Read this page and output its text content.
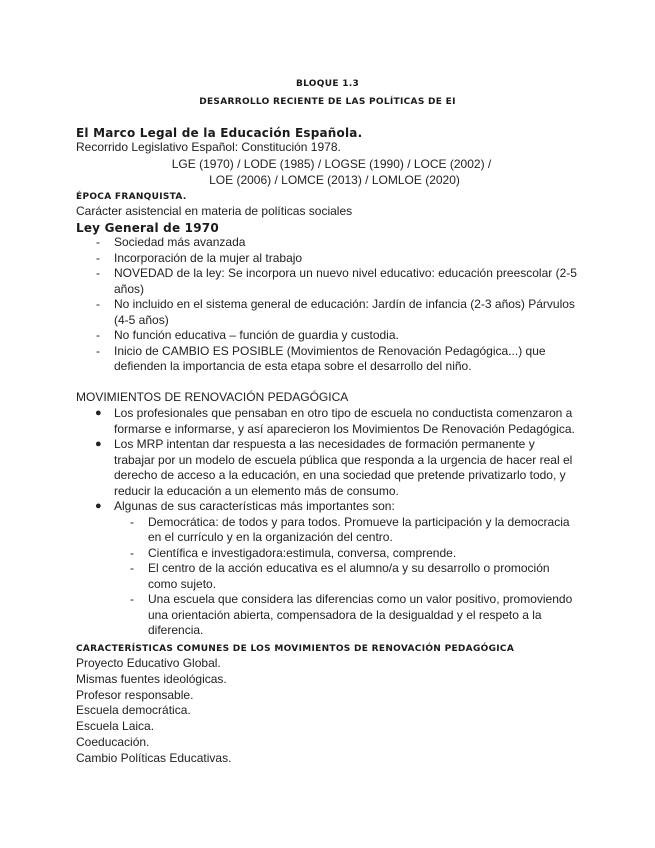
BLOQUE 1.3
DESARROLLO RECIENTE DE LAS POLÍTICAS DE EI
El Marco Legal de la Educación Española.
Recorrido Legislativo Español: Constitución 1978.
LGE (1970) / LODE (1985) / LOGSE (1990) / LOCE (2002) /
LOE (2006) / LOMCE (2013) / LOMLOE (2020)
ÉPOCA FRANQUISTA.
Carácter asistencial en materia de políticas sociales
Ley General de 1970
- Sociedad más avanzada
- Incorporación de la mujer al trabajo
- NOVEDAD de la ley: Se incorpora un nuevo nivel educativo: educación preescolar (2-5 años)
- No incluido en el sistema general de educación: Jardín de infancia (2-3 años) Párvulos (4-5 años)
- No función educativa – función de guardia y custodia.
- Inicio de CAMBIO ES POSIBLE (Movimientos de Renovación Pedagógica...) que defienden la importancia de esta etapa sobre el desarrollo del niño.
MOVIMIENTOS DE RENOVACIÓN PEDAGÓGICA
● Los profesionales que pensaban en otro tipo de escuela no conductista comenzaron a formarse e informarse, y así aparecieron los Movimientos De Renovación Pedagógica.
● Los MRP intentan dar respuesta a las necesidades de formación permanente y trabajar por un modelo de escuela pública que responda a la urgencia de hacer real el derecho de acceso a la educación, en una sociedad que pretende privatizarlo todo, y reducir la educación a un elemento más de consumo.
● Algunas de sus características más importantes son:
- Democrática: de todos y para todos. Promueve la participación y la democracia en el currículo y en la organización del centro.
- Científica e investigadora:estimula, conversa, comprende.
- El centro de la acción educativa es el alumno/a y su desarrollo o promoción como sujeto.
- Una escuela que considera las diferencias como un valor positivo, promoviendo una orientación abierta, compensadora de la desigualdad y el respeto a la diferencia.
CARACTERÍSTICAS COMUNES DE LOS MOVIMIENTOS DE RENOVACIÓN PEDAGÓGICA
Proyecto Educativo Global.
Mismas fuentes ideológicas.
Profesor responsable.
Escuela democrática.
Escuela Laica.
Coeducación.
Cambio Políticas Educativas.
